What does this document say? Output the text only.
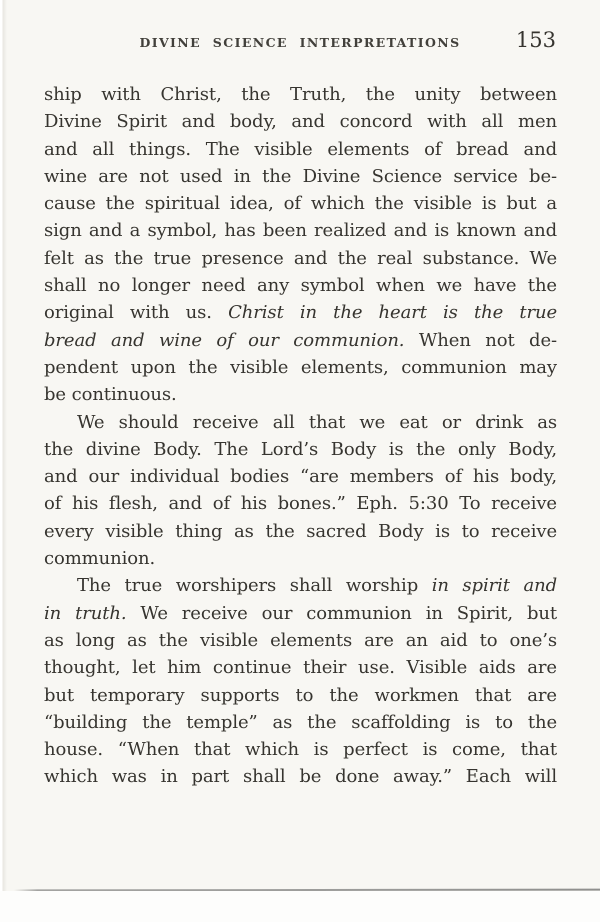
DIVINE SCIENCE INTERPRETATIONS	153
ship with Christ, the Truth, the unity between
Divine Spirit and body, and concord with all men
and all things. The visible elements of bread and
wine are not used in the Divine Science service be-
cause the spiritual idea, of which the visible is but a
sign and a symbol, has been realized and is known and
felt as the true presence and the real substance. We
shall no longer need any symbol when we have the
original with us. Christ in the heart is the true
bread and wine of our communion. When not de-
pendent upon the visible elements, communion may
be continuous.
We should receive all that we eat or drink as
the divine Body. The Lord’s Body is the only Body,
and our individual bodies “are members of his body,
of his flesh, and of his bones.” Eph. 5:30 To receive
every visible thing as the sacred Body is to receive
communion.
The true worshipers shall worship in spirit and
in truth. We receive our communion in Spirit, but
as long as the visible elements are an aid to one’s
thought, let him continue their use. Visible aids are
but temporary supports to the workmen that are
“building the temple” as the scaffolding is to the
house. “When that which is perfect is come, that
which was in part shall be done away.” Each will
